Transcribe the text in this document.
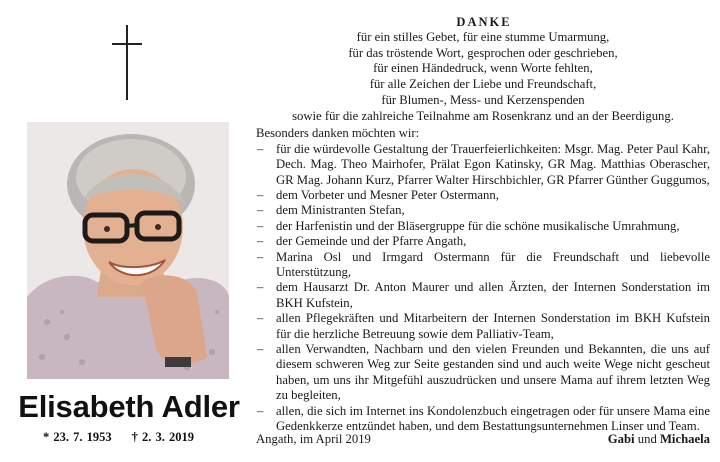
Elisabeth Adler
* 23. 7. 1953 † 2. 3. 2019
DANKE
für ein stilles Gebet, für eine stumme Umarmung,
für das tröstende Wort, gesprochen oder geschrieben,
für einen Händedruck, wenn Worte fehlten,
für alle Zeichen der Liebe und Freundschaft,
für Blumen-, Mess- und Kerzenspenden
sowie für die zahlreiche Teilnahme am Rosenkranz und an der Beerdigung.
Besonders danken möchten wir:
– für die würdevolle Gestaltung der Trauerfeierlichkeiten: Msgr. Mag. Peter Paul Kahr, Dech. Mag. Theo Mairhofer, Prälat Egon Katinsky, GR Mag. Matthias Oberascher, GR Mag. Johann Kurz, Pfarrer Walter Hirschbichler, GR Pfarrer Günther Guggumos,
– dem Vorbeter und Mesner Peter Ostermann,
– dem Ministranten Stefan,
– der Harfenistin und der Bläsergruppe für die schöne musikalische Umrahmung,
– der Gemeinde und der Pfarre Angath,
– Marina Osl und Irmgard Ostermann für die Freundschaft und liebevolle Unterstützung,
– dem Hausarzt Dr. Anton Maurer und allen Ärzten, der Internen Sonderstation im BKH Kufstein,
– allen Pflegekräften und Mitarbeitern der Internen Sonderstation im BKH Kufstein für die herzliche Betreuung sowie dem Palliativ-Team,
– allen Verwandten, Nachbarn und den vielen Freunden und Bekannten, die uns auf diesem schweren Weg zur Seite gestanden sind und auch weite Wege nicht gescheut haben, um uns ihr Mitgefühl auszudrücken und unsere Mama auf ihrem letzten Weg zu begleiten,
– allen, die sich im Internet ins Kondolenzbuch eingetragen oder für unsere Mama eine Gedenkkerze entzündet haben, und dem Bestattungsunternehmen Linser und Team.
Angath, im April 2019	Gabi und Michaela
